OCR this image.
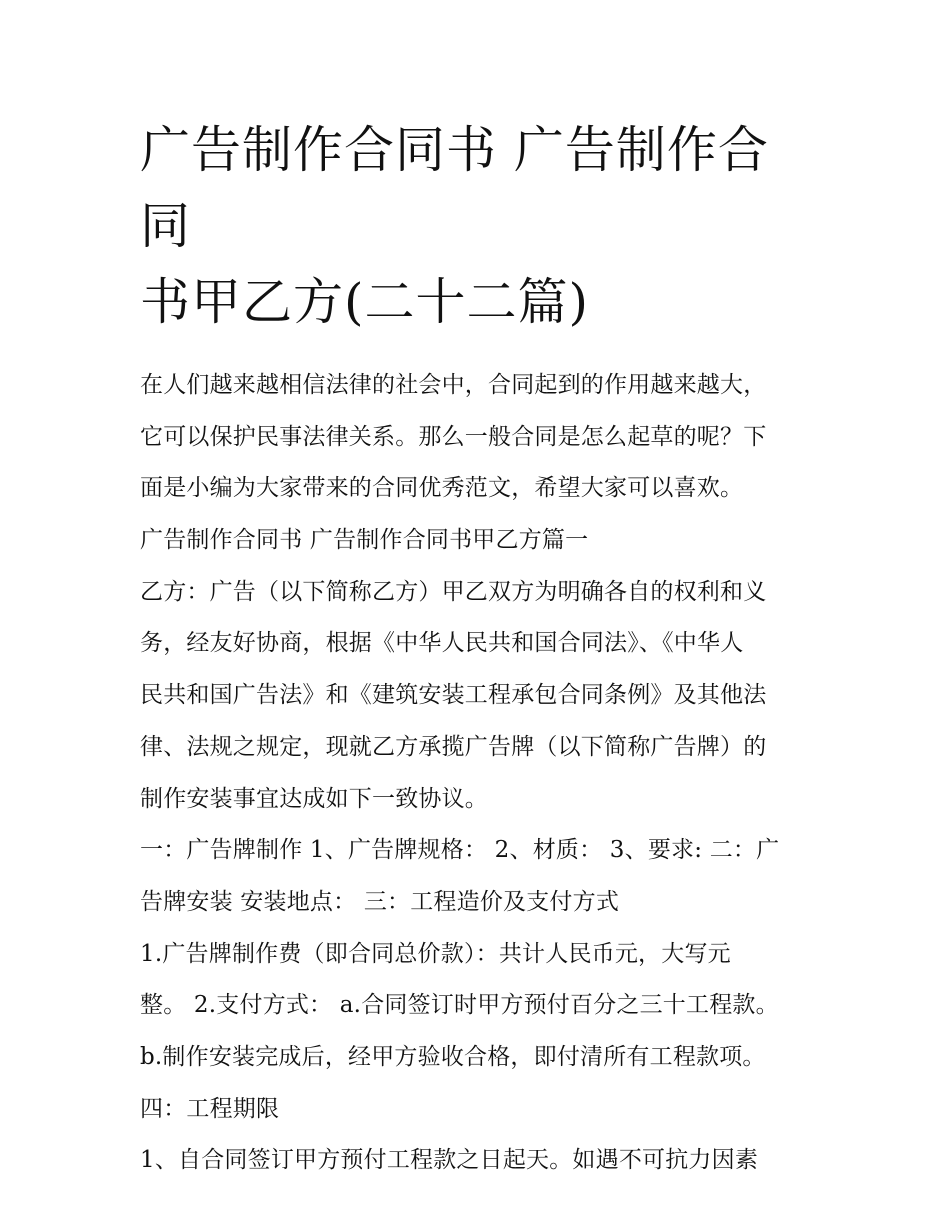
广告制作合同书 广告制作合同
书甲乙方(二十二篇)
在人们越来越相信法律的社会中，合同起到的作用越来越大，
它可以保护民事法律关系。那么一般合同是怎么起草的呢？下
面是小编为大家带来的合同优秀范文，希望大家可以喜欢。
广告制作合同书 广告制作合同书甲乙方篇一
乙方：广告（以下简称乙方）甲乙双方为明确各自的权利和义
务，经友好协商，根据《中华人民共和国合同法》、《中华人
民共和国广告法》和《建筑安装工程承包合同条例》及其他法
律、法规之规定，现就乙方承揽广告牌（以下简称广告牌）的
制作安装事宜达成如下一致协议。
一：广告牌制作 1、广告牌规格： 2、材质： 3、要求: 二：广
告牌安装 安装地点： 三：工程造价及支付方式
1.广告牌制作费（即合同总价款）：共计人民币元，大写元
整。 2.支付方式： a.合同签订时甲方预付百分之三十工程款。
b.制作安装完成后，经甲方验收合格，即付清所有工程款项。
四：工程期限
1、自合同签订甲方预付工程款之日起天。如遇不可抗力因素
